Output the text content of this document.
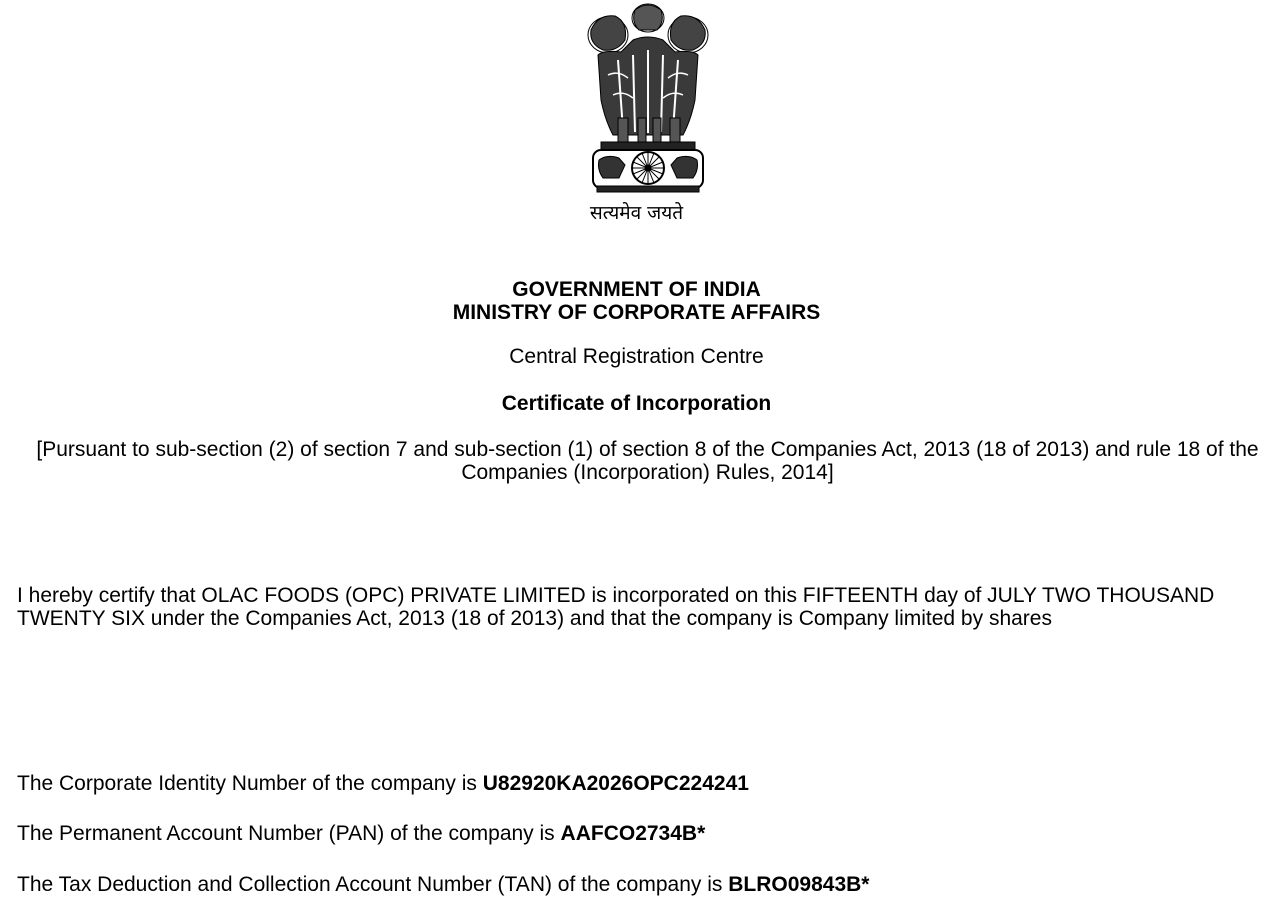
सत्यमेव जयते
GOVERNMENT OF INDIA
MINISTRY OF CORPORATE AFFAIRS
Central Registration Centre
Certificate of Incorporation
[Pursuant to sub-section (2) of section 7 and sub-section (1) of section 8 of the Companies Act, 2013 (18 of 2013) and rule 18 of the Companies (Incorporation) Rules, 2014]
I hereby certify that OLAC FOODS (OPC) PRIVATE LIMITED is incorporated on this FIFTEENTH day of JULY TWO THOUSAND TWENTY SIX under the Companies Act, 2013 (18 of 2013) and that the company is Company limited by shares
The Corporate Identity Number of the company is U82920KA2026OPC224241
The Permanent Account Number (PAN) of the company is AAFCO2734B*
The Tax Deduction and Collection Account Number (TAN) of the company is BLRO09843B*
